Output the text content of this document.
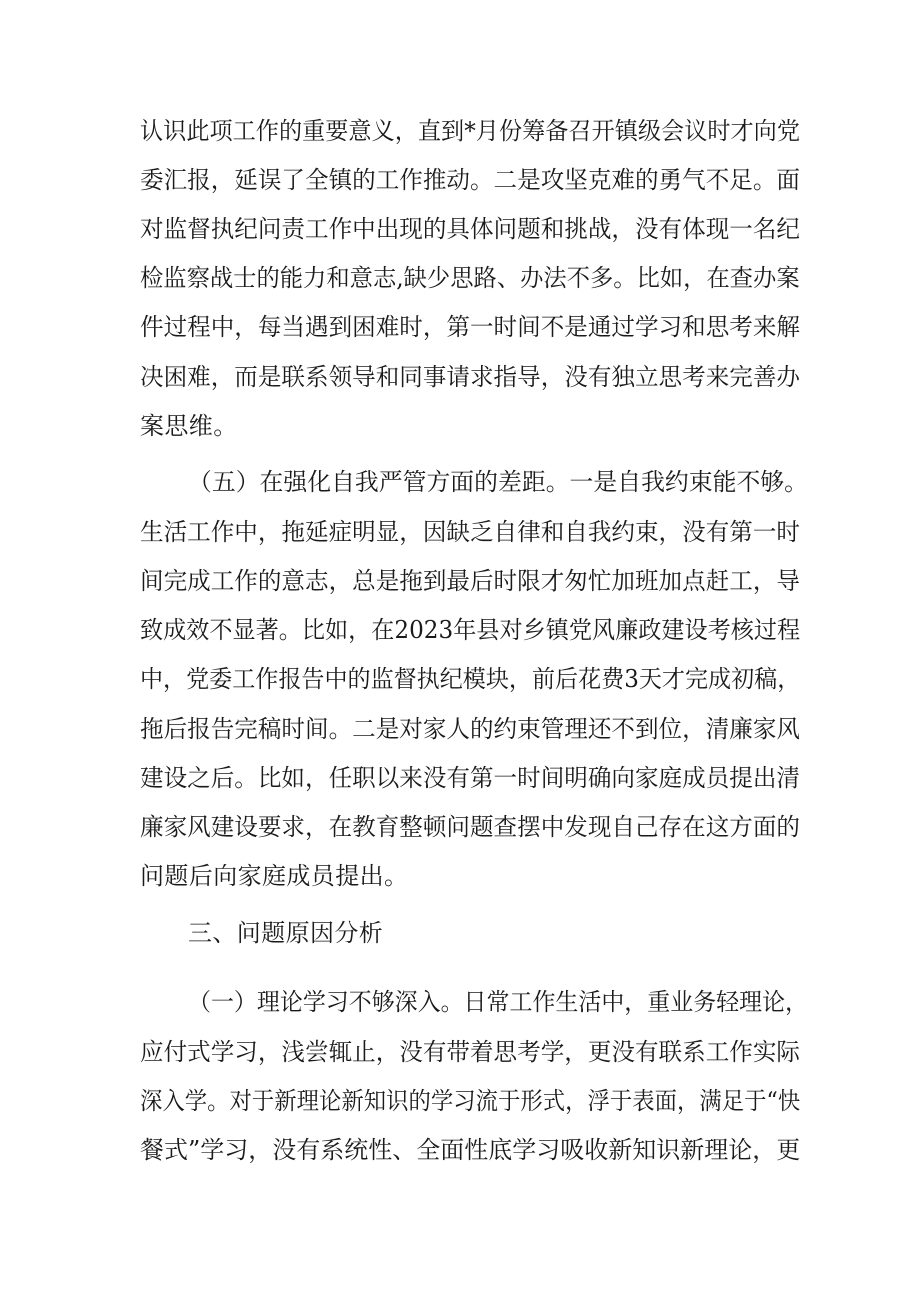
认识此项工作的重要意义，直到*月份筹备召开镇级会议时才向党
委汇报，延误了全镇的工作推动。二是攻坚克难的勇气不足。面
对监督执纪问责工作中出现的具体问题和挑战，没有体现一名纪
检监察战士的能力和意志,缺少思路、办法不多。比如，在查办案
件过程中，每当遇到困难时，第一时间不是通过学习和思考来解
决困难，而是联系领导和同事请求指导，没有独立思考来完善办
案思维。
（五）在强化自我严管方面的差距。一是自我约束能不够。
生活工作中，拖延症明显，因缺乏自律和自我约束，没有第一时
间完成工作的意志，总是拖到最后时限才匆忙加班加点赶工，导
致成效不显著。比如，在2023年县对乡镇党风廉政建设考核过程
中，党委工作报告中的监督执纪模块，前后花费3天才完成初稿，
拖后报告完稿时间。二是对家人的约束管理还不到位，清廉家风
建设之后。比如，任职以来没有第一时间明确向家庭成员提出清
廉家风建设要求，在教育整顿问题查摆中发现自己存在这方面的
问题后向家庭成员提出。
三、问题原因分析
（一）理论学习不够深入。日常工作生活中，重业务轻理论，
应付式学习，浅尝辄止，没有带着思考学，更没有联系工作实际
深入学。对于新理论新知识的学习流于形式，浮于表面，满足于“快
餐式”学习，没有系统性、全面性底学习吸收新知识新理论，更
